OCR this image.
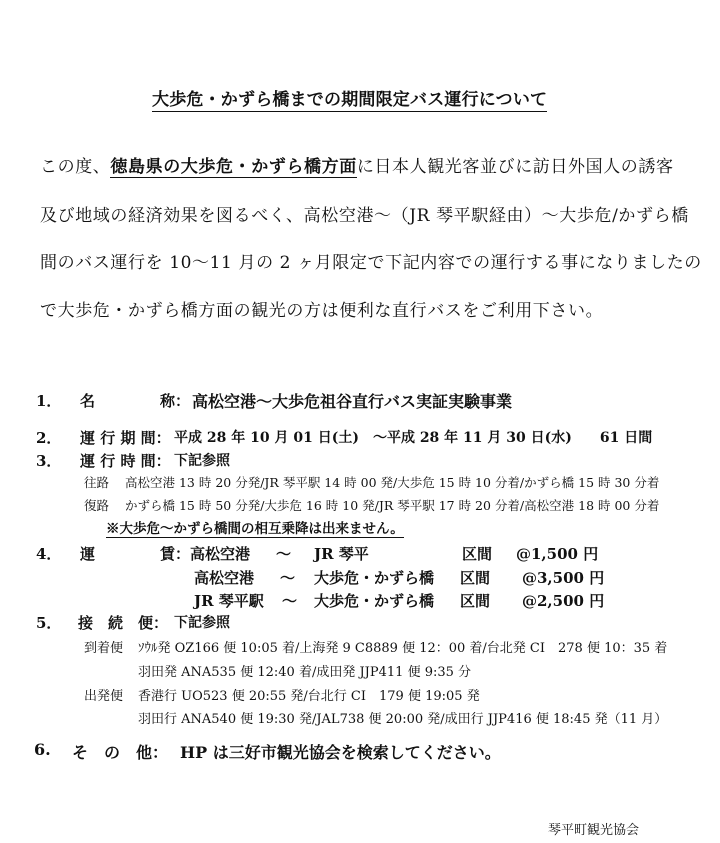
大歩危・かずら橋までの期間限定バス運行について
この度、徳島県の大歩危・かずら橋方面に日本人観光客並びに訪日外国人の誘客
及び地域の経済効果を図るべく、高松空港～（JR 琴平駅経由）～大歩危/かずら橋
間のバス運行を 10～11 月の 2 ヶ月限定で下記内容での運行する事になりましたの
で大歩危・かずら橋方面の観光の方は便利な直行バスをご利用下さい。
1． 名	称： 高松空港～大歩危祖谷直行バス実証実験事業
2． 運 行 期 間： 平成 28 年 10 月 01 日(土)　～平成 28 年 11 月 30 日(水)　　61 日間
3． 運 行 時 間： 下記参照
往路 高松空港 13 時 20 分発/JR 琴平駅 14 時 00 発/大歩危 15 時 10 分着/かずら橋 15 時 30 分着
復路 かずら橋 15 時 50 分発/大歩危 16 時 10 発/JR 琴平駅 17 時 20 分着/高松空港 18 時 00 分着
※大歩危～かずら橋間の相互乗降は出来ません。
4． 運	賃： 高松空港 ～ JR 琴平	区間 @1,500 円
高松空港 ～ 大歩危・かずら橋 区間 @3,500 円
JR 琴平駅 ～ 大歩危・かずら橋 区間 @2,500 円
5． 接　続　便： 下記参照
到着便 ｿｳﾙ発 OZ166 便 10:05 着/上海発 9 C8889 便 12：00 着/台北発 CI　278 便 10：35 着
羽田発 ANA535 便 12:40 着/成田発 JJP411 便 9:35 分
出発便 香港行 UO523 便 20:55 発/台北行 CI　179 便 19:05 発
羽田行 ANA540 便 19:30 発/JAL738 便 20:00 発/成田行 JJP416 便 18:45 発（11 月）
6. そ　の　他： HP は三好市観光協会を検索してください。
琴平町観光協会
